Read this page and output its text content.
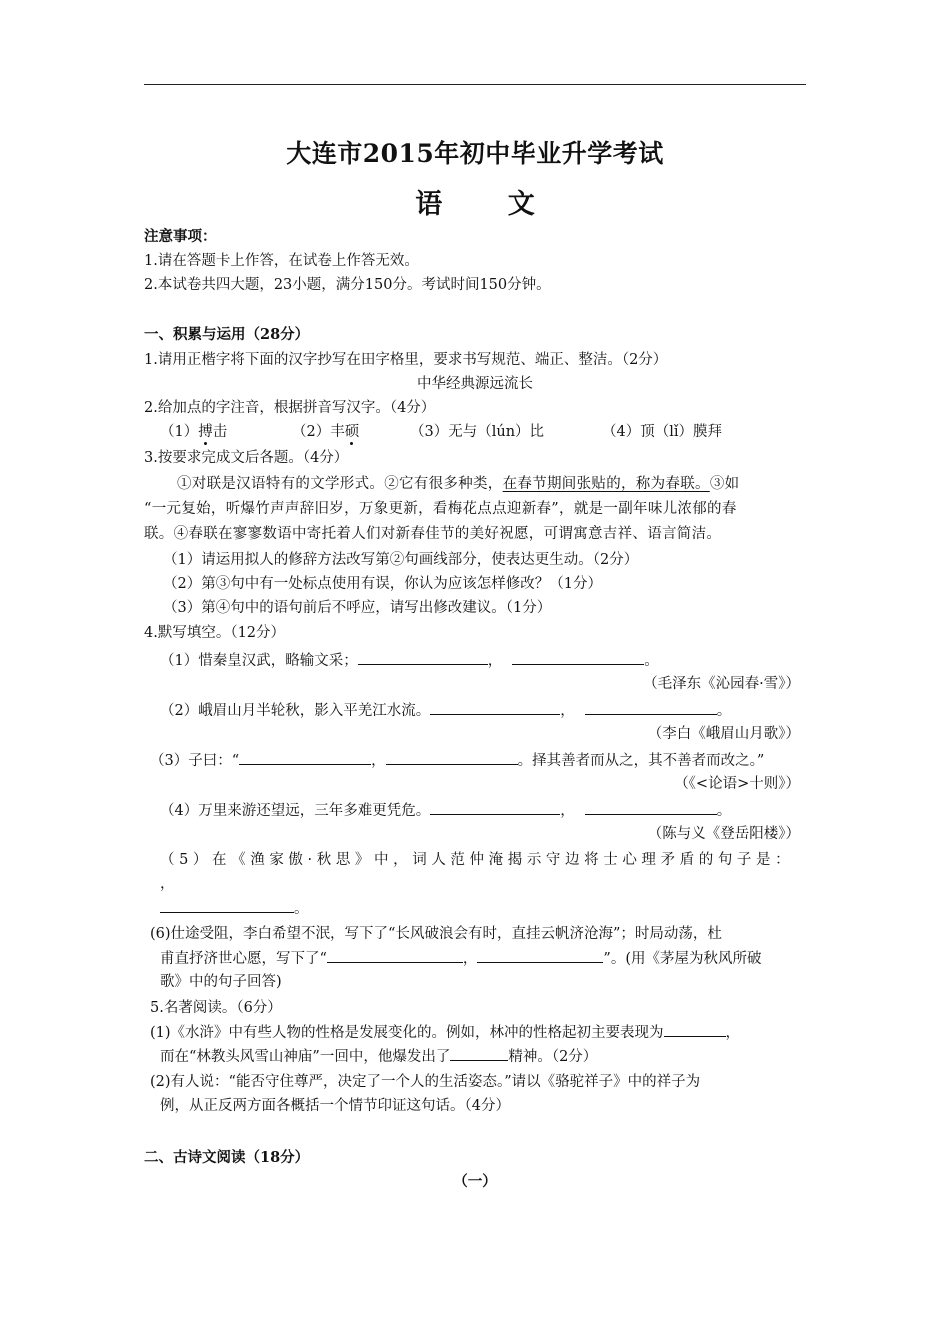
大连市2015年初中毕业升学考试
语 文
注意事项：
1.请在答题卡上作答，在试卷上作答无效。
2.本试卷共四大题，23小题，满分150分。考试时间150分钟。
一、积累与运用（28分）
1.请用正楷字将下面的汉字抄写在田字格里，要求书写规范、端正、整洁。（2分）
中华经典源远流长
2.给加点的字注音，根据拼音写汉字。（4分）
（1）搏击	（2）丰硕	（3）无与（lún）比	（4）顶（lǐ）膜拜
3.按要求完成文后各题。（4分）
①对联是汉语特有的文学形式。②它有很多种类，在春节期间张贴的，称为春联。③如
“一元复始，听爆竹声声辞旧岁，万象更新，看梅花点点迎新春”，就是一副年味儿浓郁的春
联。④春联在寥寥数语中寄托着人们对新春佳节的美好祝愿，可谓寓意吉祥、语言简洁。
（1）请运用拟人的修辞方法改写第②句画线部分，使表达更生动。（2分）
（2）第③句中有一处标点使用有误，你认为应该怎样修改？（1分）
（3）第④句中的语句前后不呼应，请写出修改建议。（1分）
4.默写填空。（12分）
（1）惜秦皇汉武，略输文采；	，	。
（毛泽东《沁园春·雪》）
（2）峨眉山月半轮秋，影入平羌江水流。	，	。
（李白《峨眉山月歌》）
（3）子曰：“	，	。择其善者而从之，其不善者而改之。”
（《<论语>十则》）
（4）万里来游还望远，三年多难更凭危。	，	。
（陈与义《登岳阳楼》）
（5）在《渔家傲·秋思》中，词人范仲淹揭示守边将士心理矛盾的句子是：
，
。
(6)仕途受阻，李白希望不泯，写下了“长风破浪会有时，直挂云帆济沧海”；时局动荡，杜
甫直抒济世心愿，写下了“	，	”。(用《茅屋为秋风所破
歌》中的句子回答)
5.名著阅读。（6分）
(1)《水浒》中有些人物的性格是发展变化的。例如，林冲的性格起初主要表现为	，
而在“林教头风雪山神庙”一回中，他爆发出了	精神。（2分）
(2)有人说：“能否守住尊严，决定了一个人的生活姿态。”请以《骆驼祥子》中的祥子为
例，从正反两方面各概括一个情节印证这句话。（4分）
二、古诗文阅读（18分）
（一）
